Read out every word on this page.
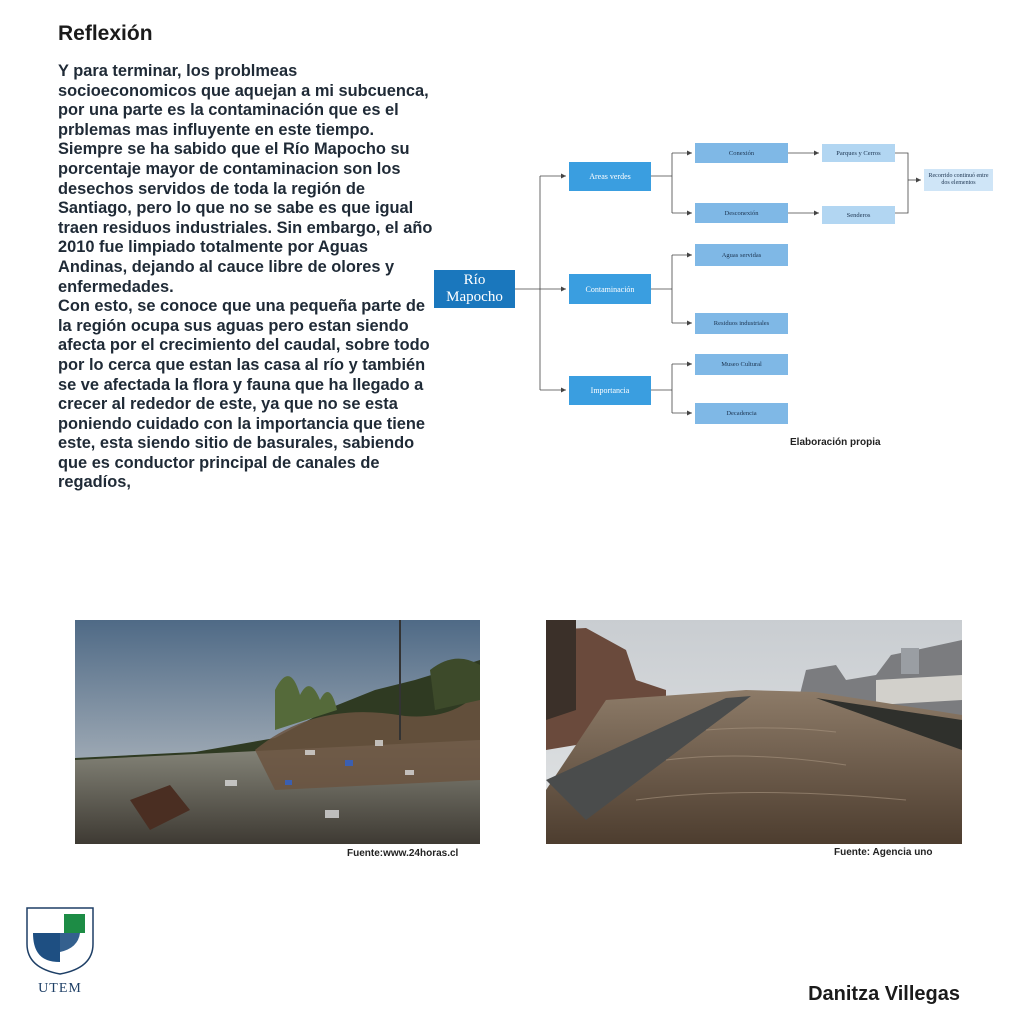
Reflexión

Y para terminar, los problmeas socioeconomicos que aquejan a mi subcuenca, por una parte es la contaminación que es el prblemas mas influyente en este tiempo. Siempre se ha sabido que el Río Mapocho su porcentaje mayor de contaminacion son los desechos servidos de toda la región de Santiago, pero lo que no se sabe es que igual traen residuos industriales. Sin embargo, el año 2010 fue limpiado totalmente por Aguas Andinas, dejando al cauce libre de olores y enfermedades.

Con esto, se conoce que una pequeña parte de la región ocupa sus aguas pero estan siendo afecta por el crecimiento del caudal, sobre todo por lo cerca que estan las casa al río y también se ve afectada la flora y fauna que ha llegado a crecer al rededor de este, ya que no se esta poniendo cuidado con la importancia que tiene este, esta siendo sitio de basurales, sabiendo que es conductor principal de canales de regadíos,

Río Mapocho
Areas verdes
Contaminación
Importancia
Conexión
Desconexión
Parques y Cerros
Senderos
Recorrido continuó entre dos elementos
Aguas servidas
Residuos industriales
Museo Cultural
Decadencia
Elaboración propia
Fuente:www.24horas.cl	Fuente: Agencia uno
UTEM	Danitza Villegas
